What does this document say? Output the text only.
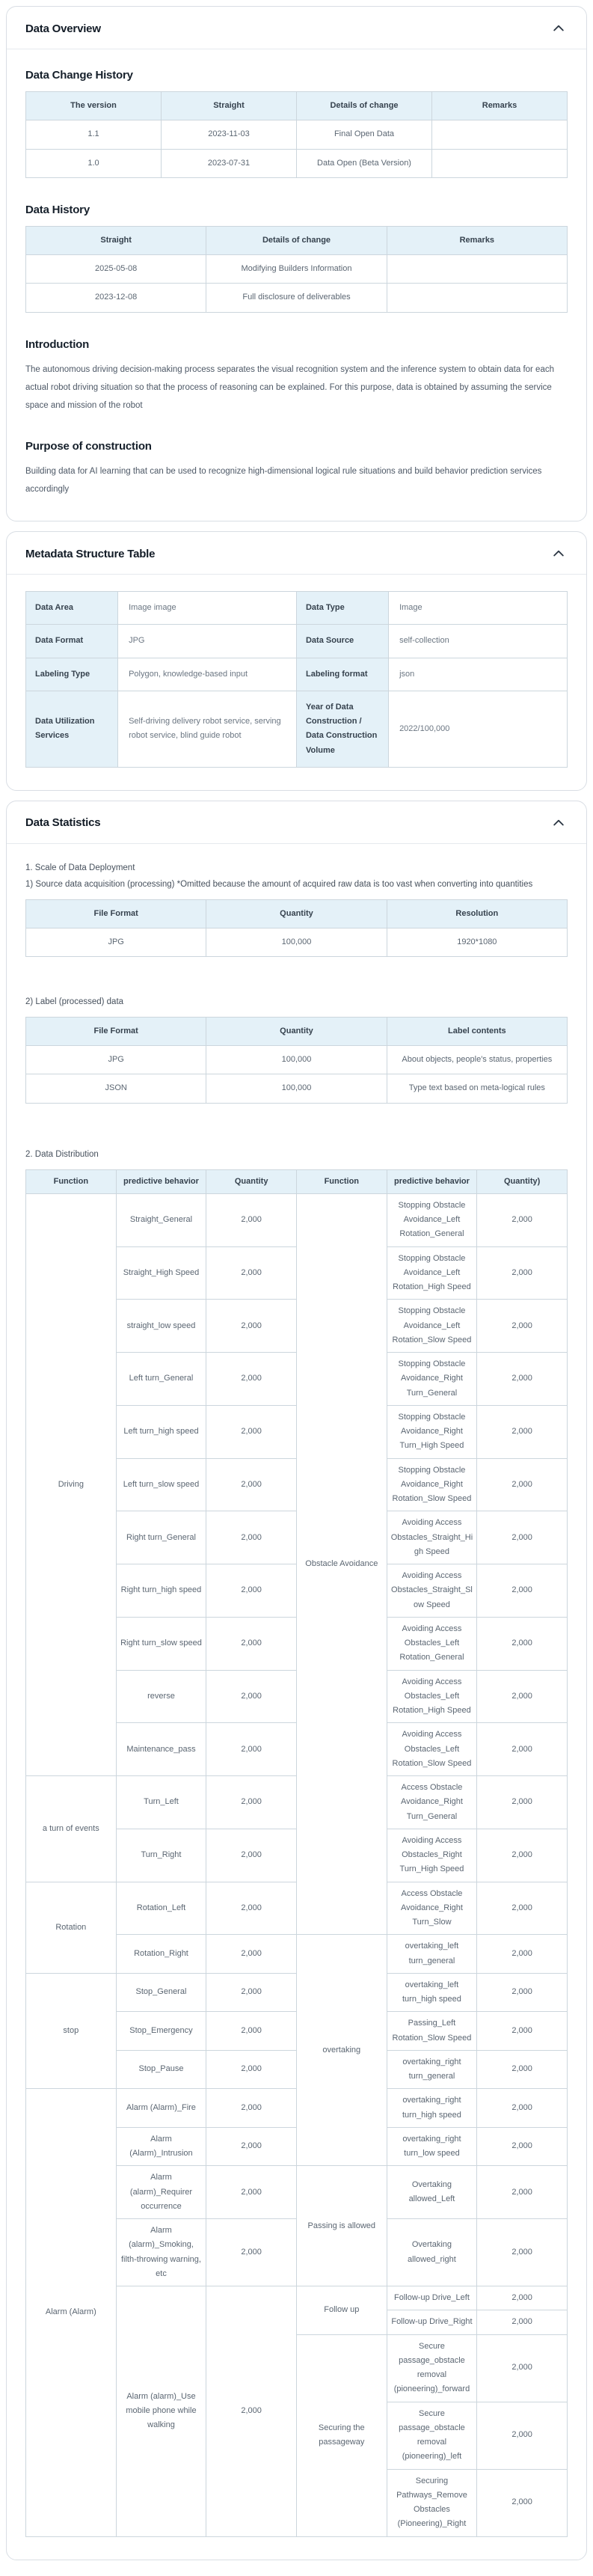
Data Overview
Data Change History
The version	Straight	Details of change	Remarks
1.1	2023-11-03	Final Open Data	
1.0	2023-07-31	Data Open (Beta Version)	
Data History
Straight	Details of change	Remarks
2025-05-08	Modifying Builders Information	
2023-12-08	Full disclosure of deliverables	
Introduction

The autonomous driving decision-making process separates the visual recognition system and the inference system to obtain data for each actual robot driving situation so that the process of reasoning can be explained. For this purpose, data is obtained by assuming the service space and mission of the robot

Purpose of construction

Building data for AI learning that can be used to recognize high-dimensional logical rule situations and build behavior prediction services accordingly

Metadata Structure Table
Data Area	Image image	Data Type	Image
Data Format	JPG	Data Source	self-collection
Labeling Type	Polygon, knowledge-based input	Labeling format	json
Data Utilization Services	Self-driving delivery robot service, serving robot service, blind guide robot	Year of Data Construction / Data Construction Volume	2022/100,000
Data Statistics
1. Scale of Data Deployment
1) Source data acquisition (processing) *Omitted because the amount of acquired raw data is too vast when converting into quantities
File Format	Quantity	Resolution
JPG	100,000	1920*1080
2) Label (processed) data
File Format	Quantity	Label contents
JPG	100,000	About objects, people's status, properties
JSON	100,000	Type text based on meta-logical rules
2. Data Distribution
Function	predictive behavior	Quantity	Function	predictive behavior	Quantity)
Driving	Straight_General	2,000	Obstacle Avoidance	Stopping Obstacle Avoidance_Left Rotation_General	2,000
	Straight_High Speed	2,000		Stopping Obstacle Avoidance_Left Rotation_High Speed	2,000
	straight_low speed	2,000		Stopping Obstacle Avoidance_Left Rotation_Slow Speed	2,000
	Left turn_General	2,000		Stopping Obstacle Avoidance_Right Turn_General	2,000
	Left turn_high speed	2,000		Stopping Obstacle Avoidance_Right Turn_High Speed	2,000
	Left turn_slow speed	2,000		Stopping Obstacle Avoidance_Right Rotation_Slow Speed	2,000
	Right turn_General	2,000		Avoiding Access Obstacles_Straight_High Speed	2,000
	Right turn_high speed	2,000		Avoiding Access Obstacles_Straight_Slow Speed	2,000
	Right turn_slow speed	2,000		Avoiding Access Obstacles_Left Rotation_General	2,000
	reverse	2,000		Avoiding Access Obstacles_Left Rotation_High Speed	2,000
	Maintenance_pass	2,000		Avoiding Access Obstacles_Left Rotation_Slow Speed	2,000
a turn of events	Turn_Left	2,000		Access Obstacle Avoidance_Right Turn_General	2,000
	Turn_Right	2,000		Avoiding Access Obstacles_Right Turn_High Speed	2,000
Rotation	Rotation_Left	2,000		Access Obstacle Avoidance_Right Turn_Slow	2,000
	Rotation_Right	2,000	overtaking	overtaking_left turn_general	2,000
stop	Stop_General	2,000		overtaking_left turn_high speed	2,000
	Stop_Emergency	2,000		Passing_Left Rotation_Slow Speed	2,000
	Stop_Pause	2,000		overtaking_right turn_general	2,000
Alarm (Alarm)	Alarm (Alarm)_Fire	2,000		overtaking_right turn_high speed	2,000
	Alarm (Alarm)_Intrusion	2,000		overtaking_right turn_low speed	2,000
	Alarm (alarm)_Requirer occurrence	2,000	Passing is allowed	Overtaking allowed_Left	2,000
	Alarm (alarm)_Smoking, filth-throwing warning, etc	2,000		Overtaking allowed_right	2,000
	Alarm (alarm)_Use mobile phone while walking	2,000	Follow up	Follow-up Drive_Left	2,000
				Follow-up Drive_Right	2,000
			Securing the passageway	Secure passage_obstacle removal (pioneering)_forward	2,000
				Secure passage_obstacle removal (pioneering)_left	2,000
				Securing Pathways_Remove Obstacles (Pioneering)_Right	2,000
